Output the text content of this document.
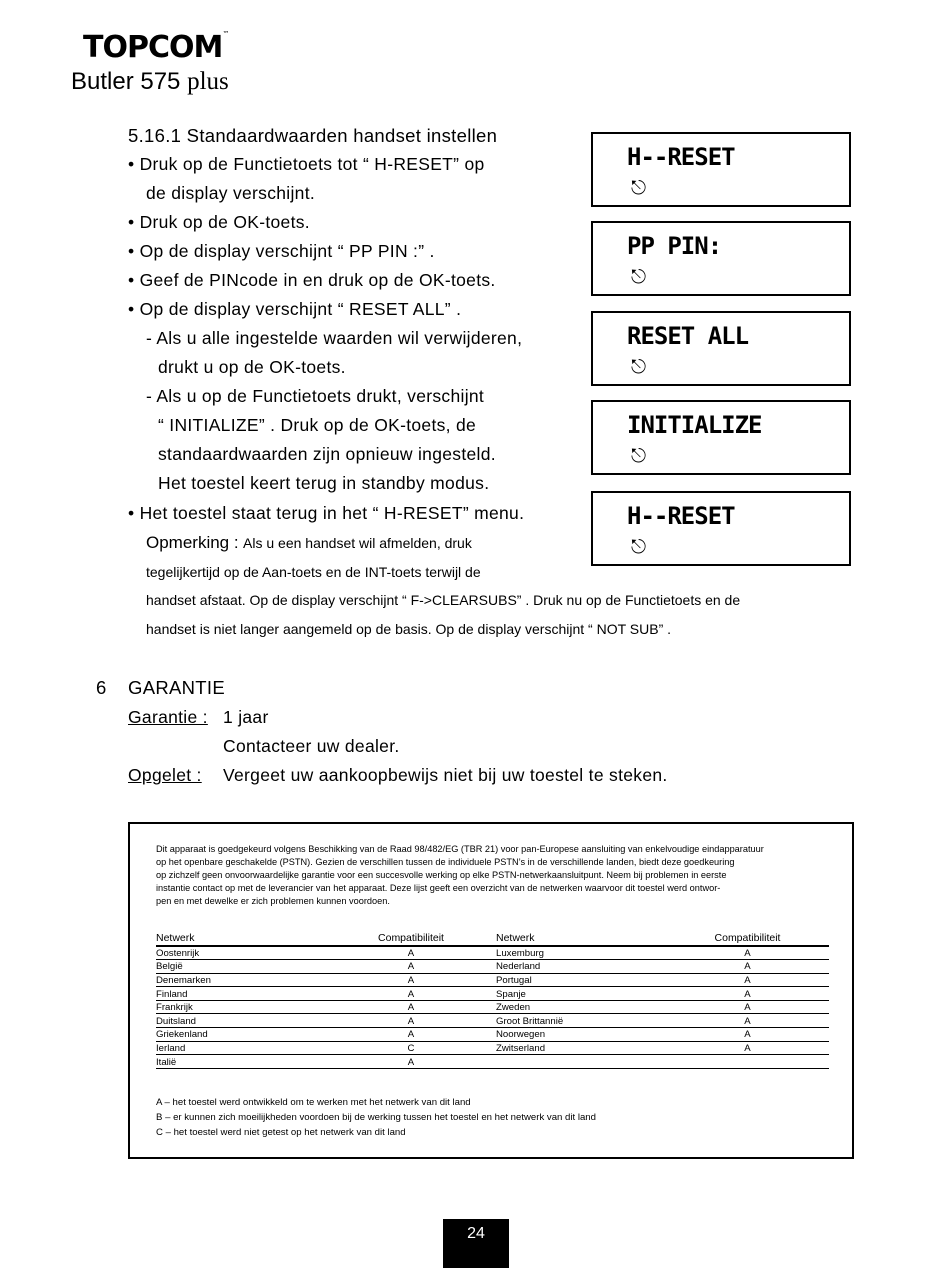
TOPCOM™
Butler 575 plus
5.16.1 Standaardwaarden handset instellen
• Druk op de Functietoets tot “ H-RESET” op
de display verschijnt.
• Druk op de OK-toets.
• Op de display verschijnt “ PP PIN :” .
• Geef de PINcode in en druk op de OK-toets.
• Op de display verschijnt “ RESET ALL” .
- Als u alle ingestelde waarden wil verwijderen,
drukt u op de OK-toets.
- Als u op de Functietoets drukt, verschijnt
“ INITIALIZE” . Druk op de OK-toets, de
standaardwaarden zijn opnieuw ingesteld.
Het toestel keert terug in standby modus.
• Het toestel staat terug in het “ H-RESET” menu.
Opmerking : Als u een handset wil afmelden, druk
tegelijkertijd op de Aan-toets en de INT-toets terwijl de
handset afstaat. Op de display verschijnt “ F->CLEARSUBS” . Druk nu op de Functietoets en de
handset is niet langer aangemeld op de basis. Op de display verschijnt “ NOT SUB” .
H--RESET
⎋
PP PIN:
⎋
RESET ALL
⎋
INITIALIZE
⎋
H--RESET
⎋
6 GARANTIE
Garantie : 1 jaar
Contacteer uw dealer.
Opgelet : Vergeet uw aankoopbewijs niet bij uw toestel te steken.
Dit apparaat is goedgekeurd volgens Beschikking van de Raad 98/482/EG (TBR 21) voor pan-Europese aansluiting van enkelvoudige eindapparatuur
op het openbare geschakelde (PSTN). Gezien de verschillen tussen de individuele PSTN’s in de verschillende landen, biedt deze goedkeuring
op zichzelf geen onvoorwaardelijke garantie voor een succesvolle werking op elke PSTN-netwerkaansluitpunt. Neem bij problemen in eerste
instantie contact op met de leverancier van het apparaat. Deze lijst geeft een overzicht van de netwerken waarvoor dit toestel werd ontwor-
pen en met dewelke er zich problemen kunnen voordoen.
Netwerk	Compatibiliteit	Netwerk	Compatibiliteit
Oostenrijk	A	Luxemburg	A
België	A	Nederland	A
Denemarken	A	Portugal	A
Finland	A	Spanje	A
Frankrijk	A	Zweden	A
Duitsland	A	Groot Brittannië	A
Griekenland	A	Noorwegen	A
Ierland	C	Zwitserland	A
Italië	A		
A – het toestel werd ontwikkeld om te werken met het netwerk van dit land
B – er kunnen zich moeilijkheden voordoen bij de werking tussen het toestel en het netwerk van dit land
C – het toestel werd niet getest op het netwerk van dit land
24
